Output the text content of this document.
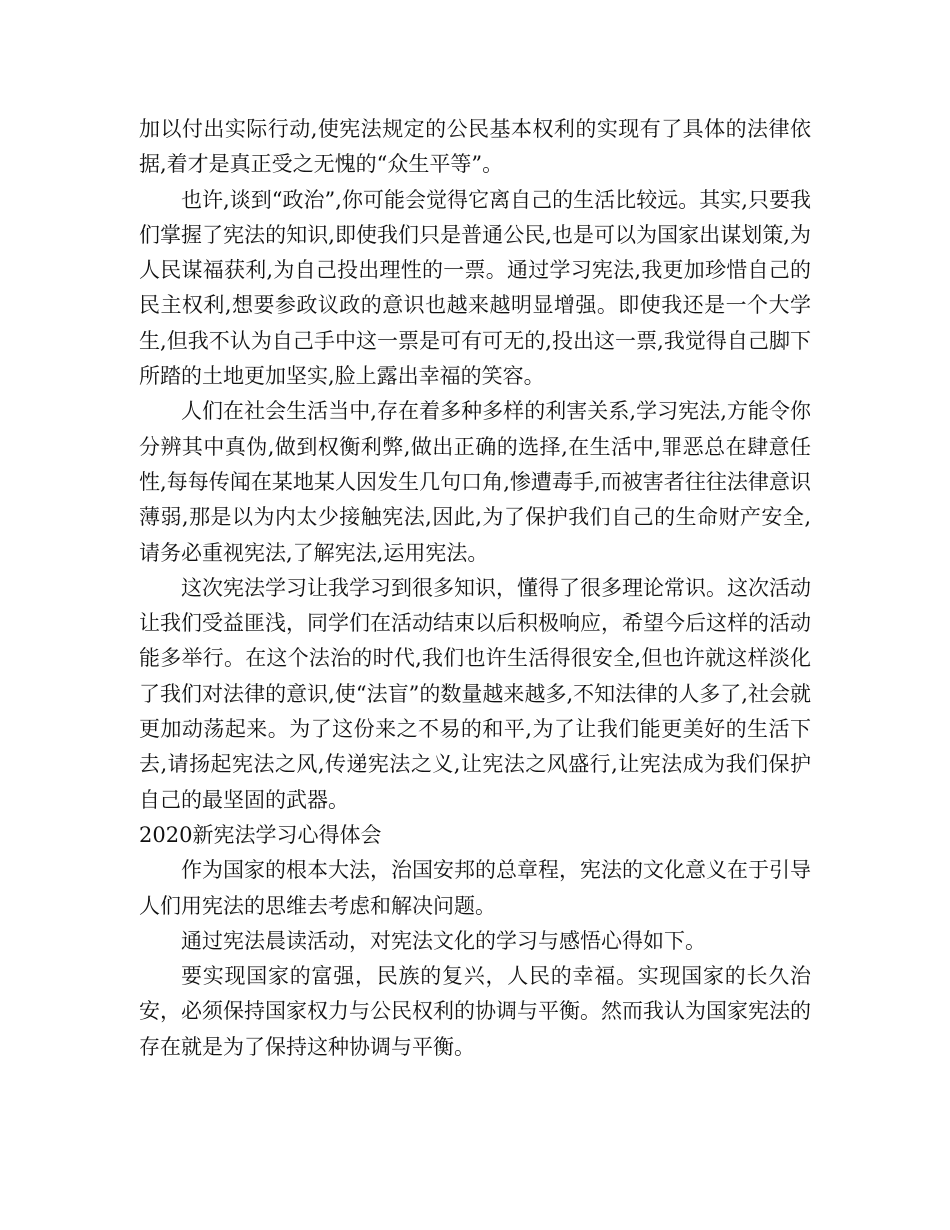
加以付出实际行动,使宪法规定的公民基本权利的实现有了具体的法律依据,着才是真正受之无愧的“众生平等”。

也许,谈到“政治”,你可能会觉得它离自己的生活比较远。其实,只要我们掌握了宪法的知识,即使我们只是普通公民,也是可以为国家出谋划策,为人民谋福获利,为自己投出理性的一票。通过学习宪法,我更加珍惜自己的民主权利,想要参政议政的意识也越来越明显增强。即使我还是一个大学生,但我不认为自己手中这一票是可有可无的,投出这一票,我觉得自己脚下所踏的土地更加坚实,脸上露出幸福的笑容。

人们在社会生活当中,存在着多种多样的利害关系,学习宪法,方能令你分辨其中真伪,做到权衡利弊,做出正确的选择,在生活中,罪恶总在肆意任性,每每传闻在某地某人因发生几句口角,惨遭毒手,而被害者往往法律意识薄弱,那是以为内太少接触宪法,因此,为了保护我们自己的生命财产安全,请务必重视宪法,了解宪法,运用宪法。

这次宪法学习让我学习到很多知识，懂得了很多理论常识。这次活动让我们受益匪浅，同学们在活动结束以后积极响应，希望今后这样的活动能多举行。在这个法治的时代,我们也许生活得很安全,但也许就这样淡化了我们对法律的意识,使“法盲”的数量越来越多,不知法律的人多了,社会就更加动荡起来。为了这份来之不易的和平,为了让我们能更美好的生活下去,请扬起宪法之风,传递宪法之义,让宪法之风盛行,让宪法成为我们保护自己的最坚固的武器。

2020新宪法学习心得体会

作为国家的根本大法，治国安邦的总章程，宪法的文化意义在于引导人们用宪法的思维去考虑和解决问题。

通过宪法晨读活动，对宪法文化的学习与感悟心得如下。

要实现国家的富强，民族的复兴，人民的幸福。实现国家的长久治安，必须保持国家权力与公民权利的协调与平衡。然而我认为国家宪法的存在就是为了保持这种协调与平衡。
